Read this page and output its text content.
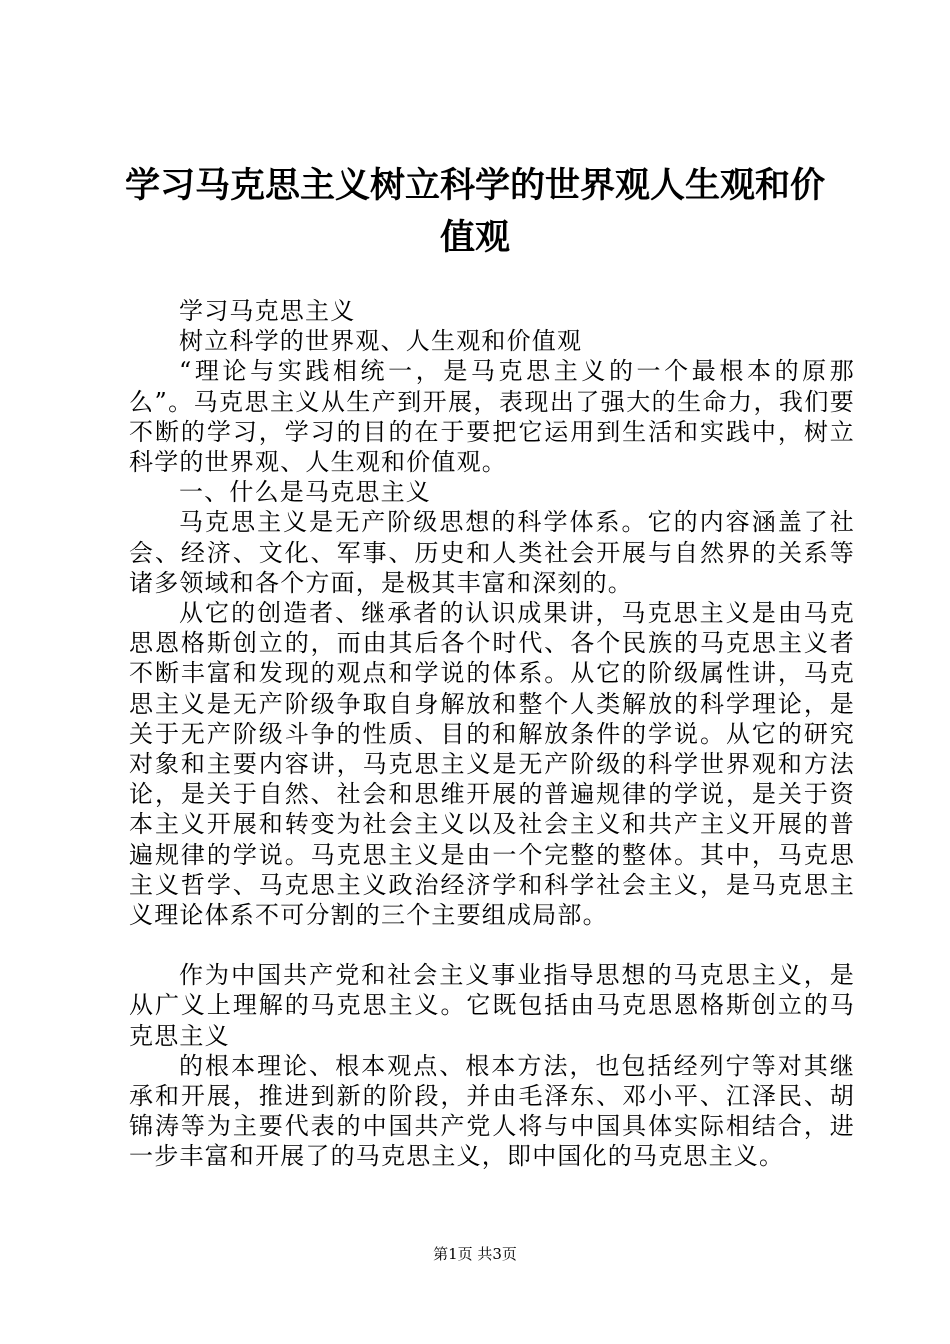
学习马克思主义树立科学的世界观人生观和价
值观

学习马克思主义

树立科学的世界观、人生观和价值观

“理论与实践相统一，是马克思主义的一个最根本的原那么”。马克思主义从生产到开展，表现出了强大的生命力，我们要不断的学习，学习的目的在于要把它运用到生活和实践中，树立科学的世界观、人生观和价值观。

一、什么是马克思主义

马克思主义是无产阶级思想的科学体系。它的内容涵盖了社会、经济、文化、军事、历史和人类社会开展与自然界的关系等诸多领域和各个方面，是极其丰富和深刻的。

从它的创造者、继承者的认识成果讲，马克思主义是由马克思恩格斯创立的，而由其后各个时代、各个民族的马克思主义者不断丰富和发现的观点和学说的体系。从它的阶级属性讲，马克思主义是无产阶级争取自身解放和整个人类解放的科学理论，是关于无产阶级斗争的性质、目的和解放条件的学说。从它的研究对象和主要内容讲，马克思主义是无产阶级的科学世界观和方法论，是关于自然、社会和思维开展的普遍规律的学说，是关于资本主义开展和转变为社会主义以及社会主义和共产主义开展的普遍规律的学说。马克思主义是由一个完整的整体。其中，马克思主义哲学、马克思主义政治经济学和科学社会主义，是马克思主义理论体系不可分割的三个主要组成局部。

作为中国共产党和社会主义事业指导思想的马克思主义，是从广义上理解的马克思主义。它既包括由马克思恩格斯创立的马克思主义

的根本理论、根本观点、根本方法，也包括经列宁等对其继承和开展，推进到新的阶段，并由毛泽东、邓小平、江泽民、胡锦涛等为主要代表的中国共产党人将与中国具体实际相结合，进一步丰富和开展了的马克思主义，即中国化的马克思主义。

第1页 共3页
